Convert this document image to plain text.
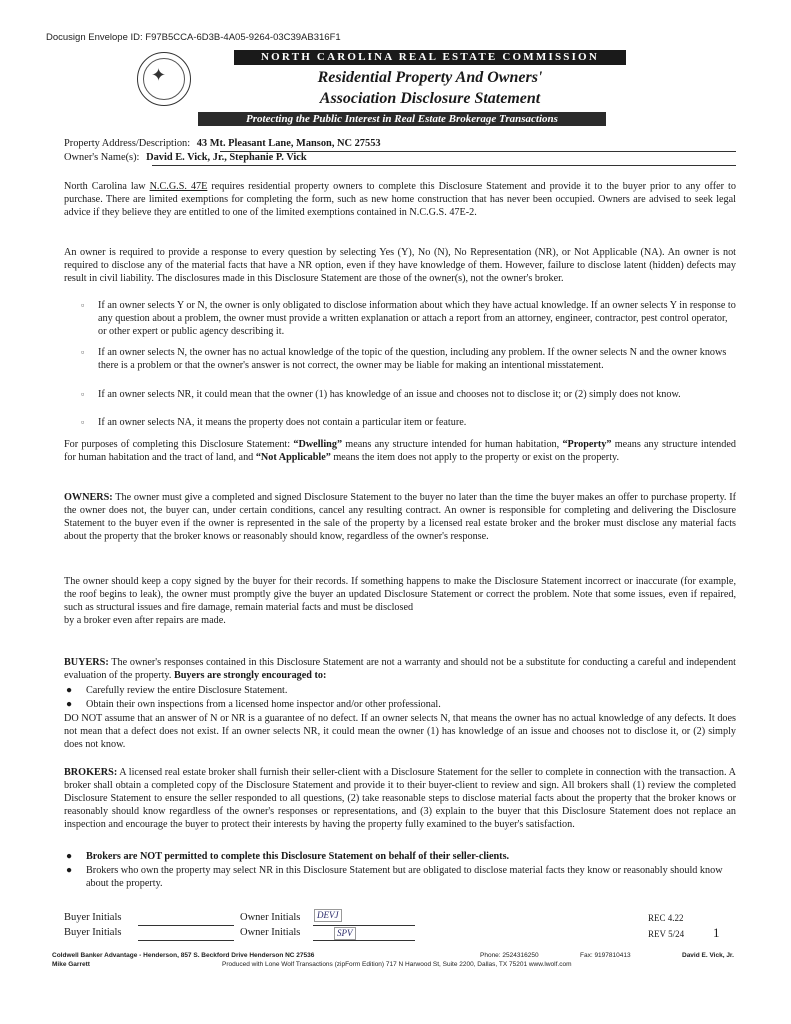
Docusign Envelope ID: F97B5CCA-6D3B-4A05-9264-03C39AB316F1
✦
NORTH CAROLINA REAL ESTATE COMMISSION
Residential Property And Owners'
Association Disclosure Statement
Protecting the Public Interest in Real Estate Brokerage Transactions
Property Address/Description: 43 Mt. Pleasant Lane, Manson, NC 27553
Owner's Name(s): David E. Vick, Jr., Stephanie P. Vick
North Carolina law N.C.G.S. 47E requires residential property owners to complete this Disclosure Statement and provide it to the buyer prior to any offer to purchase. There are limited exemptions for completing the form, such as new home construction that has never been occupied. Owners are advised to seek legal advice if they believe they are entitled to one of the limited exemptions contained in N.C.G.S. 47E-2.
An owner is required to provide a response to every question by selecting Yes (Y), No (N), No Representation (NR), or Not Applicable (NA). An owner is not required to disclose any of the material facts that have a NR option, even if they have knowledge of them. However, failure to disclose latent (hidden) defects may result in civil liability. The disclosures made in this Disclosure Statement are those of the owner(s), not the owner's broker.
▫ If an owner selects Y or N, the owner is only obligated to disclose information about which they have actual knowledge. If an owner selects Y in response to any question about a problem, the owner must provide a written explanation or attach a report from an attorney, engineer, contractor, pest control operator, or other expert or public agency describing it.
▫ If an owner selects N, the owner has no actual knowledge of the topic of the question, including any problem. If the owner selects N and the owner knows there is a problem or that the owner's answer is not correct, the owner may be liable for making an intentional misstatement.
▫ If an owner selects NR, it could mean that the owner (1) has knowledge of an issue and chooses not to disclose it; or (2) simply does not know.
▫ If an owner selects NA, it means the property does not contain a particular item or feature.
For purposes of completing this Disclosure Statement: “Dwelling” means any structure intended for human habitation, “Property” means any structure intended for human habitation and the tract of land, and “Not Applicable” means the item does not apply to the property or exist on the property.
OWNERS: The owner must give a completed and signed Disclosure Statement to the buyer no later than the time the buyer makes an offer to purchase property. If the owner does not, the buyer can, under certain conditions, cancel any resulting contract. An owner is responsible for completing and delivering the Disclosure Statement to the buyer even if the owner is represented in the sale of the property by a licensed real estate broker and the broker must disclose any material facts about the property that the broker knows or reasonably should know, regardless of the owner's response.
The owner should keep a copy signed by the buyer for their records. If something happens to make the Disclosure Statement incorrect or inaccurate (for example, the roof begins to leak), the owner must promptly give the buyer an updated Disclosure Statement or correct the problem. Note that some issues, even if repaired, such as structural issues and fire damage, remain material facts and must be disclosed
by a broker even after repairs are made.
BUYERS: The owner's responses contained in this Disclosure Statement are not a warranty and should not be a substitute for conducting a careful and independent evaluation of the property. Buyers are strongly encouraged to:
● Carefully review the entire Disclosure Statement.
● Obtain their own inspections from a licensed home inspector and/or other professional.
DO NOT assume that an answer of N or NR is a guarantee of no defect. If an owner selects N, that means the owner has no actual knowledge of any defects. It does not mean that a defect does not exist. If an owner selects NR, it could mean the owner (1) has knowledge of an issue and chooses not to disclose it, or (2) simply does not know.
BROKERS: A licensed real estate broker shall furnish their seller-client with a Disclosure Statement for the seller to complete in connection with the transaction. A broker shall obtain a completed copy of the Disclosure Statement and provide it to their buyer-client to review and sign. All brokers shall (1) review the completed Disclosure Statement to ensure the seller responded to all questions, (2) take reasonable steps to disclose material facts about the property that the broker knows or reasonably should know regardless of the owner's responses or representations, and (3) explain to the buyer that this Disclosure Statement does not replace an inspection and encourage the buyer to protect their interests by having the property fully examined to the buyer's satisfaction.
● Brokers are NOT permitted to complete this Disclosure Statement on behalf of their seller-clients.
● Brokers who own the property may select NR in this Disclosure Statement but are obligated to disclose material facts they know or reasonably should know about the property.
Buyer Initials	Owner Initials	DEVJ
Buyer Initials	Owner Initials	SPV
REC 4.22
REV 5/24 1
Coldwell Banker Advantage - Henderson, 857 S. Beckford Drive Henderson NC 27536	Phone: 2524316250	Fax: 9197810413	David E. Vick, Jr.
Mike Garrett	Produced with Lone Wolf Transactions (zipForm Edition) 717 N Harwood St, Suite 2200, Dallas, TX 75201 www.lwolf.com
